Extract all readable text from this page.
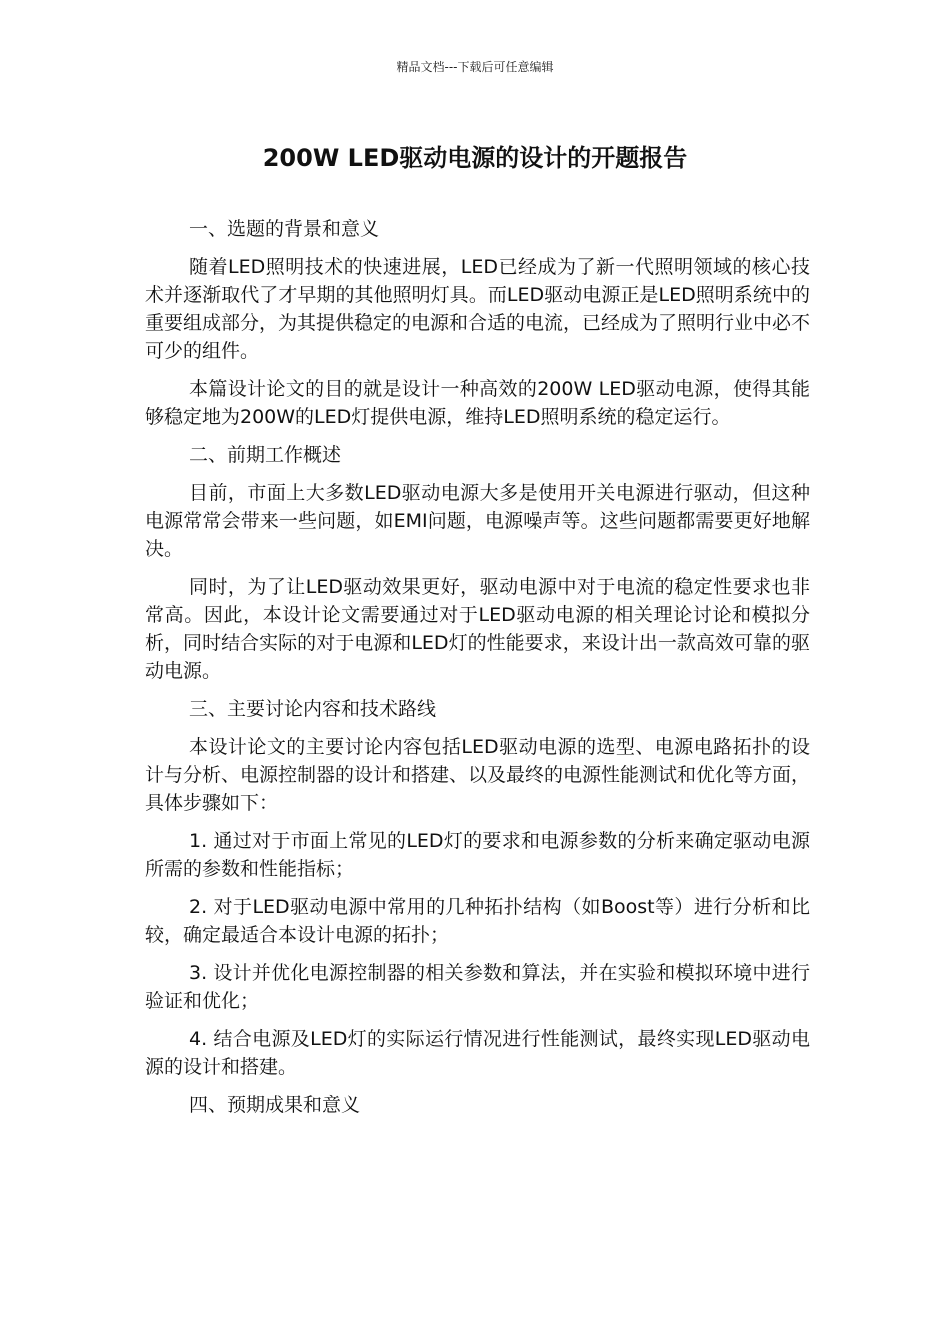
精品文档---下载后可任意编辑
200W LED驱动电源的设计的开题报告

一、选题的背景和意义

随着LED照明技术的快速进展，LED已经成为了新一代照明领域的核心技术并逐渐取代了才早期的其他照明灯具。而LED驱动电源正是LED照明系统中的重要组成部分，为其提供稳定的电源和合适的电流，已经成为了照明行业中必不可少的组件。

本篇设计论文的目的就是设计一种高效的200W LED驱动电源，使得其能够稳定地为200W的LED灯提供电源，维持LED照明系统的稳定运行。

二、前期工作概述

目前，市面上大多数LED驱动电源大多是使用开关电源进行驱动，但这种电源常常会带来一些问题，如EMI问题，电源噪声等。这些问题都需要更好地解决。

同时，为了让LED驱动效果更好，驱动电源中对于电流的稳定性要求也非常高。因此，本设计论文需要通过对于LED驱动电源的相关理论讨论和模拟分析，同时结合实际的对于电源和LED灯的性能要求，来设计出一款高效可靠的驱动电源。

三、主要讨论内容和技术路线

本设计论文的主要讨论内容包括LED驱动电源的选型、电源电路拓扑的设计与分析、电源控制器的设计和搭建、以及最终的电源性能测试和优化等方面，具体步骤如下：

1. 通过对于市面上常见的LED灯的要求和电源参数的分析来确定驱动电源所需的参数和性能指标；

2. 对于LED驱动电源中常用的几种拓扑结构（如Boost等）进行分析和比较，确定最适合本设计电源的拓扑；

3. 设计并优化电源控制器的相关参数和算法，并在实验和模拟环境中进行验证和优化；

4. 结合电源及LED灯的实际运行情况进行性能测试，最终实现LED驱动电源的设计和搭建。

四、预期成果和意义
